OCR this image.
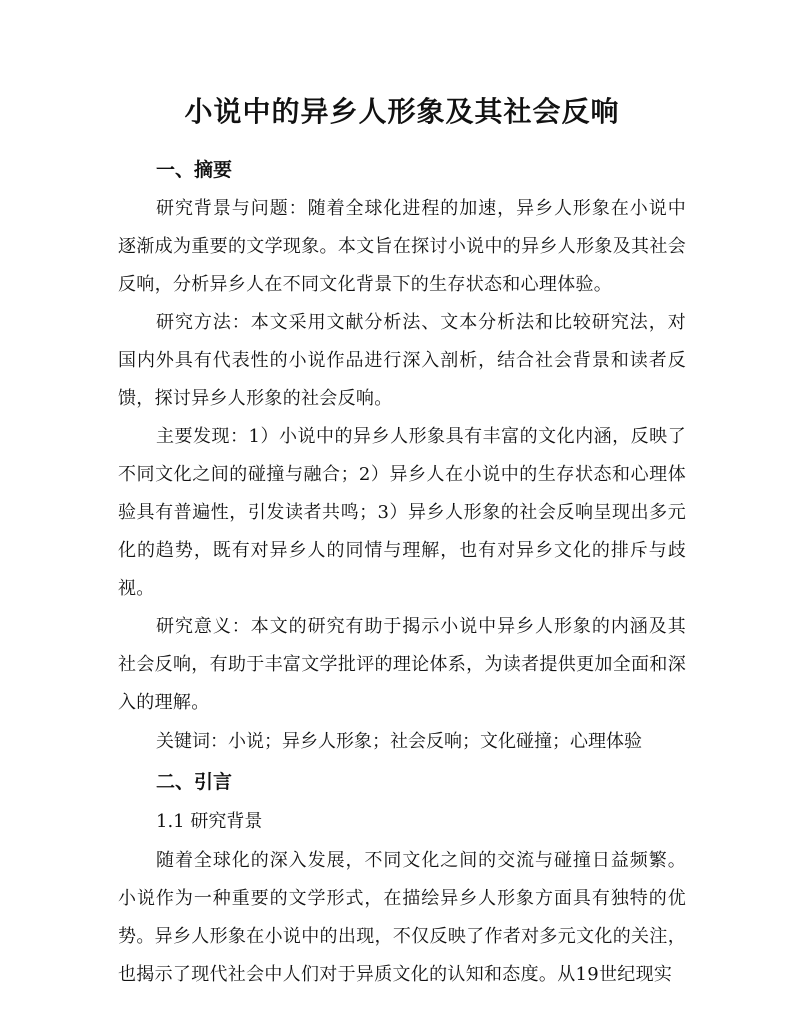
小说中的异乡人形象及其社会反响
一、摘要

研究背景与问题：随着全球化进程的加速，异乡人形象在小说中逐渐成为重要的文学现象。本文旨在探讨小说中的异乡人形象及其社会反响，分析异乡人在不同文化背景下的生存状态和心理体验。

研究方法：本文采用文献分析法、文本分析法和比较研究法，对国内外具有代表性的小说作品进行深入剖析，结合社会背景和读者反馈，探讨异乡人形象的社会反响。

主要发现：1）小说中的异乡人形象具有丰富的文化内涵，反映了不同文化之间的碰撞与融合；2）异乡人在小说中的生存状态和心理体验具有普遍性，引发读者共鸣；3）异乡人形象的社会反响呈现出多元化的趋势，既有对异乡人的同情与理解，也有对异乡文化的排斥与歧视。

研究意义：本文的研究有助于揭示小说中异乡人形象的内涵及其社会反响，有助于丰富文学批评的理论体系，为读者提供更加全面和深入的理解。

关键词：小说；异乡人形象；社会反响；文化碰撞；心理体验

二、引言
1.1 研究背景

随着全球化的深入发展，不同文化之间的交流与碰撞日益频繁。小说作为一种重要的文学形式，在描绘异乡人形象方面具有独特的优势。异乡人形象在小说中的出现，不仅反映了作者对多元文化的关注，也揭示了现代社会中人们对于异质文化的认知和态度。从19世纪现实
